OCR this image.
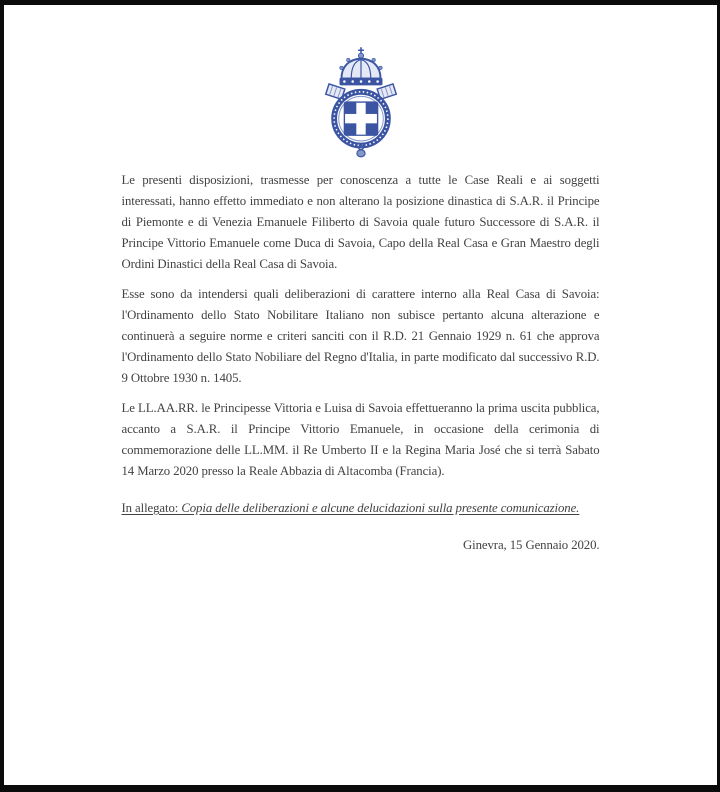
Le presenti disposizioni, trasmesse per conoscenza a tutte le Case Reali e ai soggetti interessati, hanno effetto immediato e non alterano la posizione dinastica di S.A.R. il Principe di Piemonte e di Venezia Emanuele Filiberto di Savoia quale futuro Successore di S.A.R. il Principe Vittorio Emanuele come Duca di Savoia, Capo della Real Casa e Gran Maestro degli Ordini Dinastici della Real Casa di Savoia.

Esse sono da intendersi quali deliberazioni di carattere interno alla Real Casa di Savoia: l'Ordinamento dello Stato Nobilitare Italiano non subisce pertanto alcuna alterazione e continuerà a seguire norme e criteri sanciti con il R.D. 21 Gennaio 1929 n. 61 che approva l'Ordinamento dello Stato Nobiliare del Regno d'Italia, in parte modificato dal successivo R.D. 9 Ottobre 1930 n. 1405.

Le LL.AA.RR. le Principesse Vittoria e Luisa di Savoia effettueranno la prima uscita pubblica, accanto a S.A.R. il Principe Vittorio Emanuele, in occasione della cerimonia di commemorazione delle LL.MM. il Re Umberto II e la Regina Maria José che si terrà Sabato 14 Marzo 2020 presso la Reale Abbazia di Altacomba (Francia).

In allegato: Copia delle deliberazioni e alcune delucidazioni sulla presente comunicazione.

Ginevra, 15 Gennaio 2020.
